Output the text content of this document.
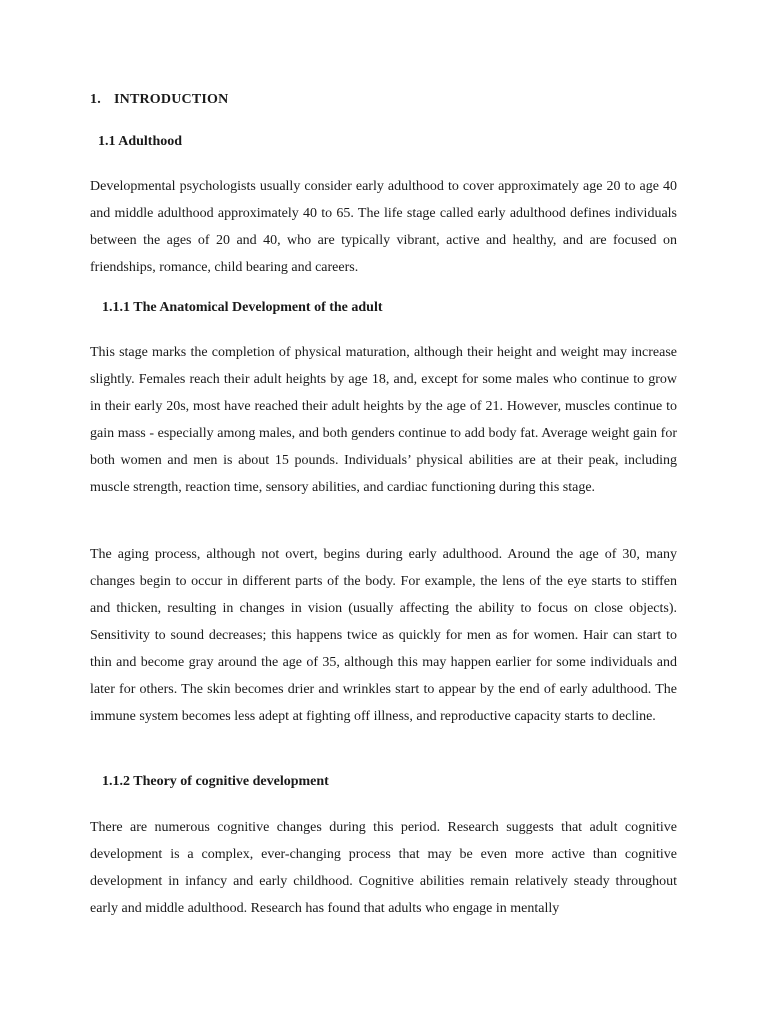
1. INTRODUCTION
1.1 Adulthood

Developmental psychologists usually consider early adulthood to cover approximately age 20 to age 40 and middle adulthood approximately 40 to 65. The life stage called early adulthood defines individuals between the ages of 20 and 40, who are typically vibrant, active and healthy, and are focused on friendships, romance, child bearing and careers.

1.1.1 The Anatomical Development of the adult

This stage marks the completion of physical maturation, although their height and weight may increase slightly. Females reach their adult heights by age 18, and, except for some males who continue to grow in their early 20s, most have reached their adult heights by the age of 21. However, muscles continue to gain mass - especially among males, and both genders continue to add body fat. Average weight gain for both women and men is about 15 pounds. Individuals’ physical abilities are at their peak, including muscle strength, reaction time, sensory abilities, and cardiac functioning during this stage.

The aging process, although not overt, begins during early adulthood. Around the age of 30, many changes begin to occur in different parts of the body. For example, the lens of the eye starts to stiffen and thicken, resulting in changes in vision (usually affecting the ability to focus on close objects). Sensitivity to sound decreases; this happens twice as quickly for men as for women. Hair can start to thin and become gray around the age of 35, although this may happen earlier for some individuals and later for others. The skin becomes drier and wrinkles start to appear by the end of early adulthood. The immune system becomes less adept at fighting off illness, and reproductive capacity starts to decline.

1.1.2 Theory of cognitive development

There are numerous cognitive changes during this period. Research suggests that adult cognitive development is a complex, ever-changing process that may be even more active than cognitive development in infancy and early childhood. Cognitive abilities remain relatively steady throughout early and middle adulthood. Research has found that adults who engage in mentally
